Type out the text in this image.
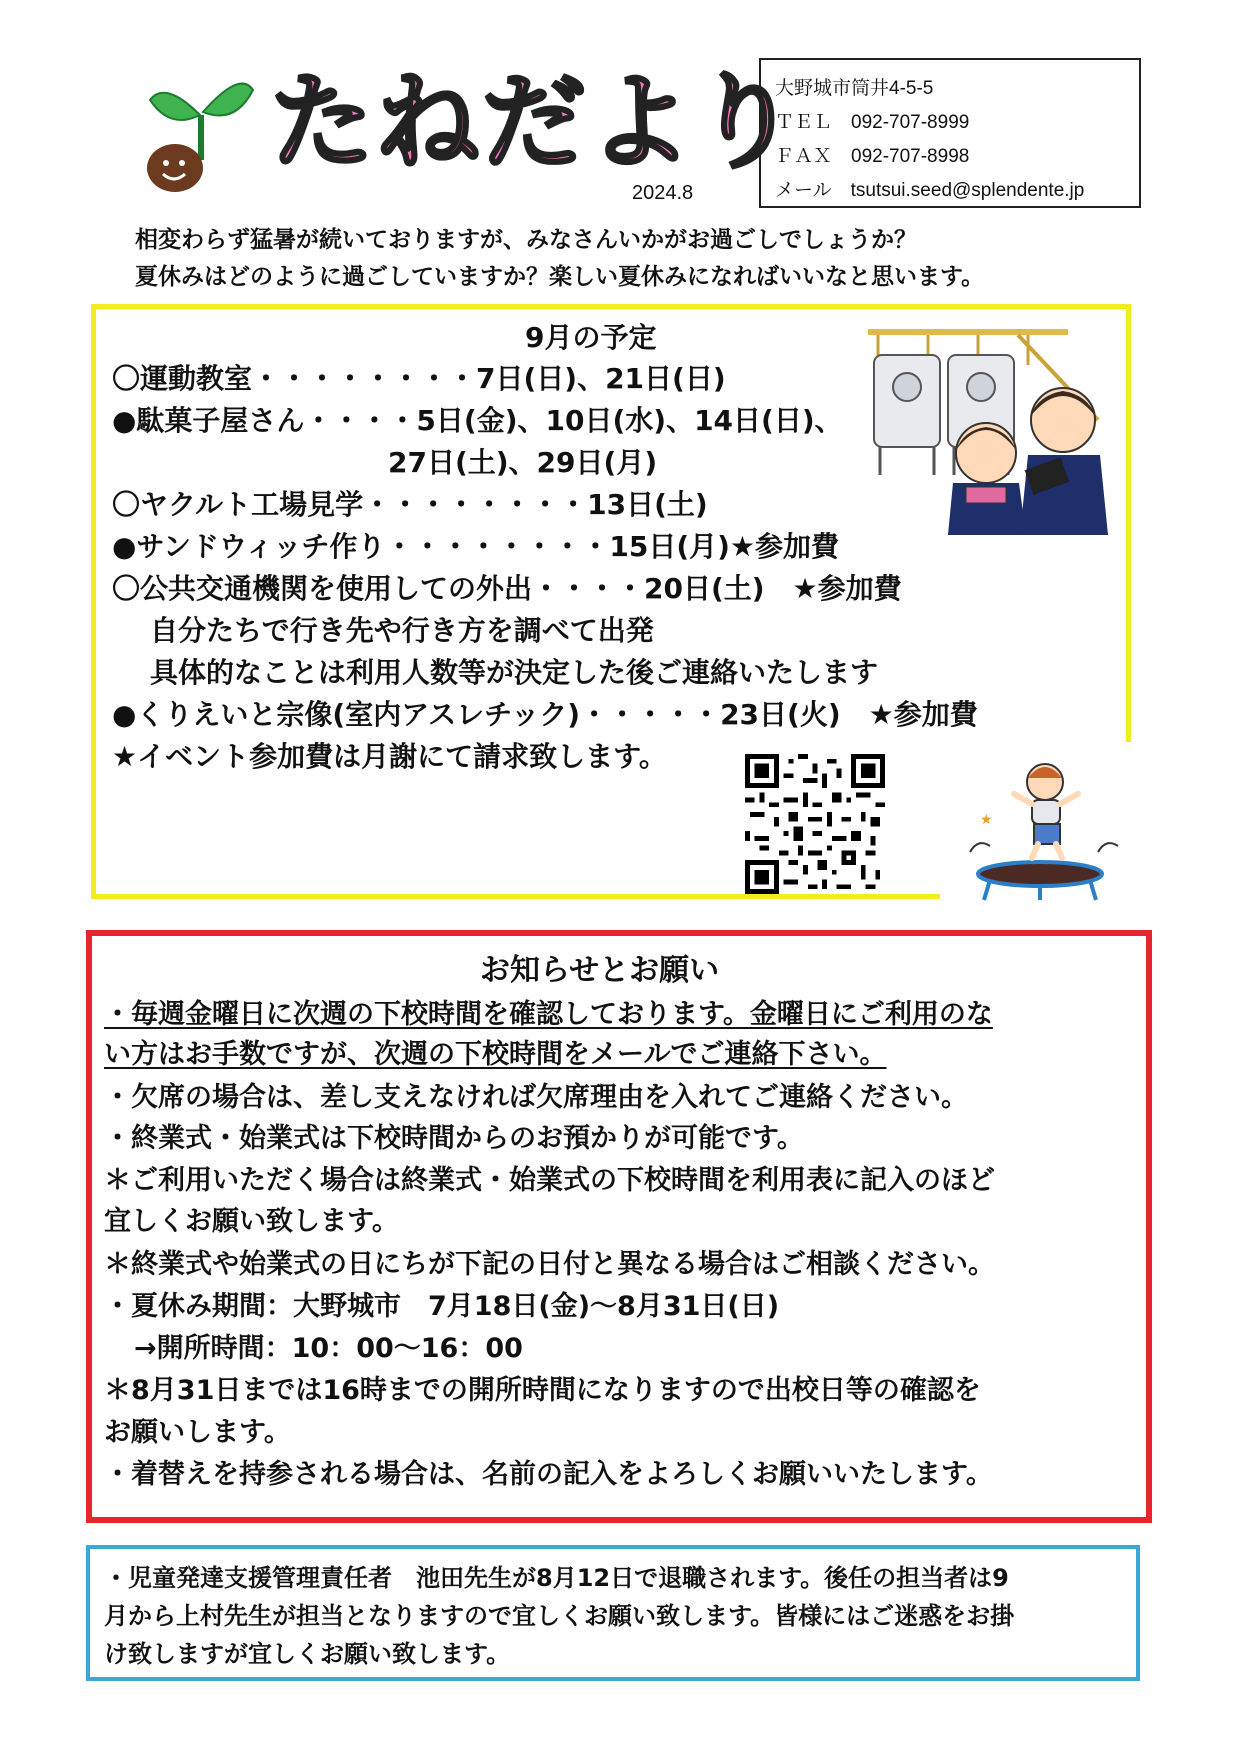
たねだより
2024.8
大野城市筒井4-5-5
ＴＥＬ　092-707-8999
ＦＡＸ　092-707-8998
メール　tsutsui.seed@splendente.jp
相変わらず猛暑が続いておりますが、みなさんいかがお過ごしでしょうか？
夏休みはどのように過ごしていますか？楽しい夏休みになればいいなと思います。
9月の予定
〇運動教室・・・・・・・・7日(日)、21日(日)
●駄菓子屋さん・・・・5日(金)、10日(水)、14日(日)、
27日(土)、29日(月)
〇ヤクルト工場見学・・・・・・・・13日(土)
●サンドウィッチ作り・・・・・・・・15日(月)★参加費
〇公共交通機関を使用しての外出・・・・20日(土)　★参加費
自分たちで行き先や行き方を調べて出発
具体的なことは利用人数等が決定した後ご連絡いたします
●くりえいと宗像(室内アスレチック)・・・・・23日(火)　★参加費
★イベント参加費は月謝にて請求致します。
★
お知らせとお願い
・毎週金曜日に次週の下校時間を確認しております。金曜日にご利用のな
い方はお手数ですが、次週の下校時間をメールでご連絡下さい。
・欠席の場合は、差し支えなければ欠席理由を入れてご連絡ください。
・終業式・始業式は下校時間からのお預かりが可能です。
＊ご利用いただく場合は終業式・始業式の下校時間を利用表に記入のほど
宜しくお願い致します。
＊終業式や始業式の日にちが下記の日付と異なる場合はご相談ください。
・夏休み期間：大野城市　7月18日(金)～8月31日(日)
→開所時間：10：00～16：00
＊8月31日までは16時までの開所時間になりますので出校日等の確認を
お願いします。
・着替えを持参される場合は、名前の記入をよろしくお願いいたします。
・児童発達支援管理責任者　池田先生が8月12日で退職されます。後任の担当者は9
月から上村先生が担当となりますので宜しくお願い致します。皆様にはご迷惑をお掛
け致しますが宜しくお願い致します。
